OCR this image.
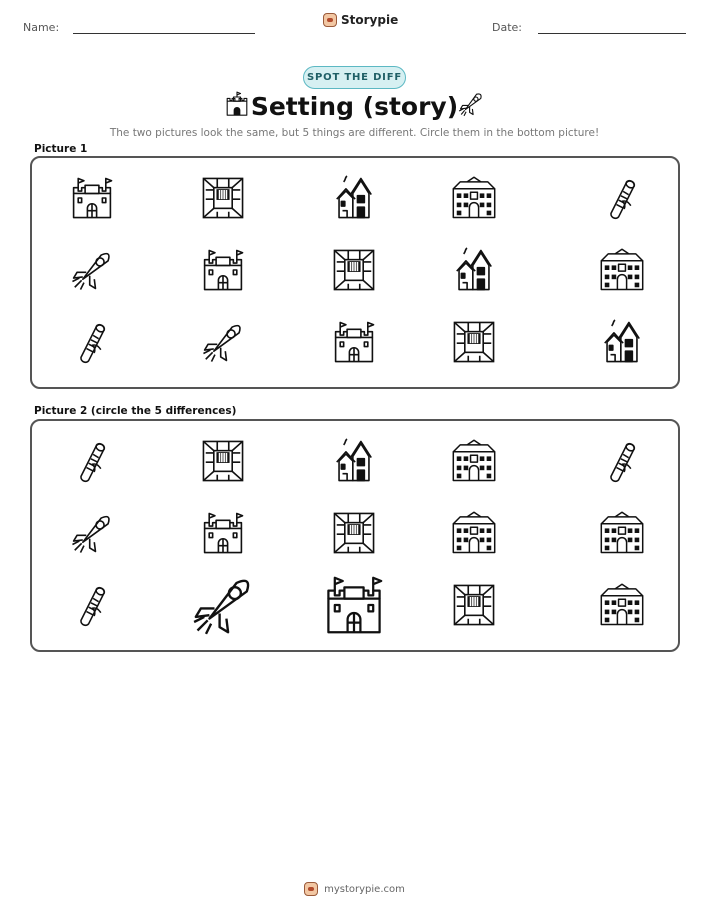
Name:
Storypie
Date:
SPOT THE DIFF
Setting (story)
The two pictures look the same, but 5 things are different. Circle them in the bottom picture!
Picture 1
Picture 2 (circle the 5 differences)
mystorypie.com
